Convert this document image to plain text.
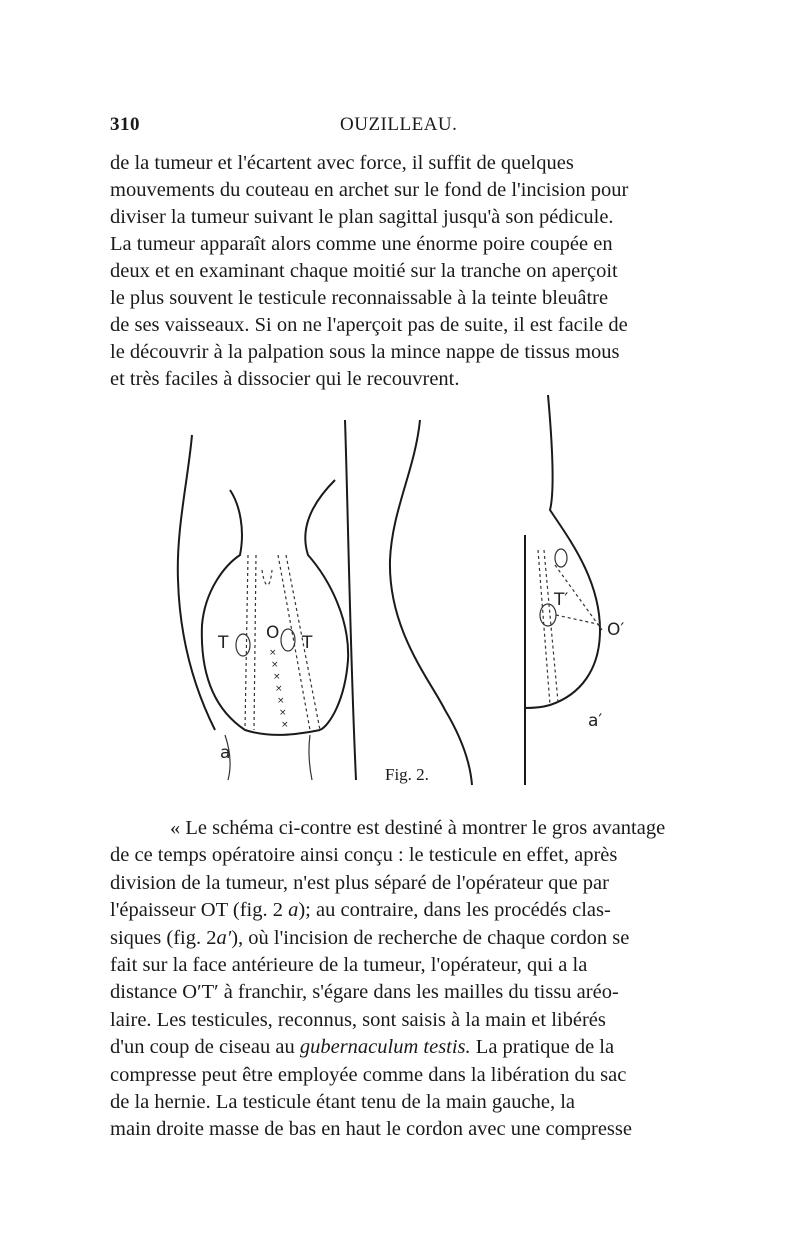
310	OUZILLEAU.
de la tumeur et l'écartent avec force, il suffit de quelques
mouvements du couteau en archet sur le fond de l'incision pour
diviser la tumeur suivant le plan sagittal jusqu'à son pédicule.
La tumeur apparaît alors comme une énorme poire coupée en
deux et en examinant chaque moitié sur la tranche on aperçoit
le plus souvent le testicule reconnaissable à la teinte bleuâtre
de ses vaisseaux. Si on ne l'aperçoit pas de suite, il est facile de
le découvrir à la palpation sous la mince nappe de tissus mous
et très faciles à dissocier qui le recouvrent.
×
×
×
×
×
×
×
T O T
a
T′
O′
a′
Fig. 2.
« Le schéma ci-contre est destiné à montrer le gros avantage
de ce temps opératoire ainsi conçu : le testicule en effet, après
division de la tumeur, n'est plus séparé de l'opérateur que par
l'épaisseur OT (fig. 2 a); au contraire, dans les procédés clas-
siques (fig. 2a′), où l'incision de recherche de chaque cordon se
fait sur la face antérieure de la tumeur, l'opérateur, qui a la
distance O′T′ à franchir, s'égare dans les mailles du tissu aréo-
laire. Les testicules, reconnus, sont saisis à la main et libérés
d'un coup de ciseau au gubernaculum testis. La pratique de la
compresse peut être employée comme dans la libération du sac
de la hernie. La testicule étant tenu de la main gauche, la
main droite masse de bas en haut le cordon avec une compresse
